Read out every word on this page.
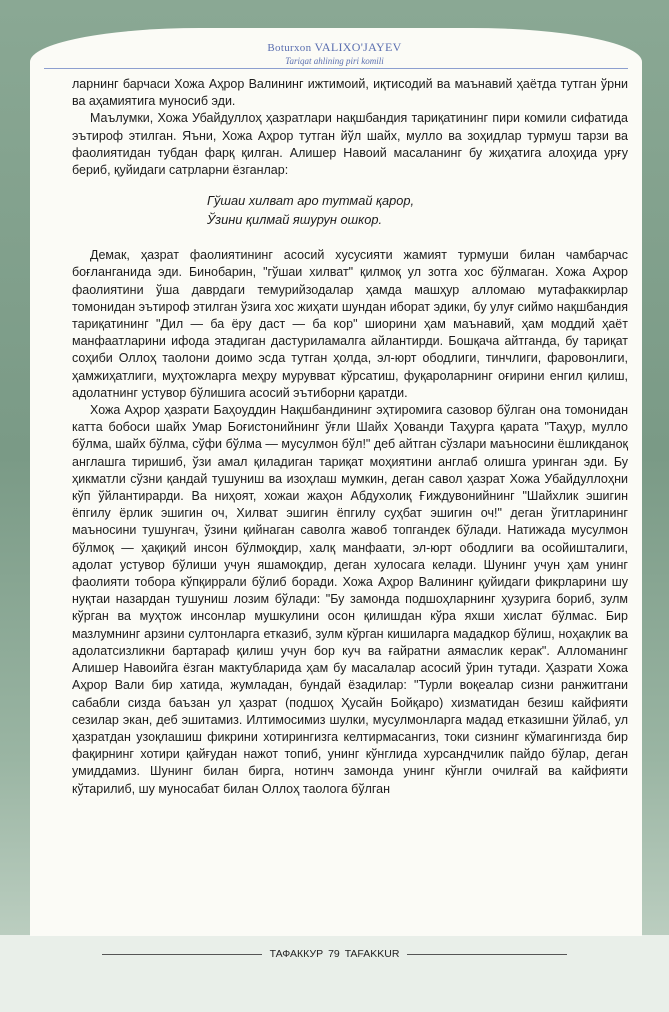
Boturxon VALIXO'JAYEV
Tariqat ahlining piri komili

ларнинг барчаси Хожа Аҳрор Валининг ижтимоий, иқтисодий ва маънавий ҳаётда тутган ўрни ва аҳамиятига муносиб эди.

Маълумки, Хожа Убайдуллоҳ ҳазратлари нақшбандия тариқатининг пири комили сифатида эътироф этилган. Яъни, Хожа Аҳрор тутган йўл шайх, мулло ва зоҳидлар турмуш тарзи ва фаолиятидан тубдан фарқ қилган. Алишер Навоий масаланинг бу жиҳатига алоҳида урғу бериб, қуйидаги сатрларни ёзганлар:

Гўшаи хилват аро тутмай қарор,
Ўзини қилмай яшурун ошкор.

Демак, ҳазрат фаолиятининг асосий хусусияти жамият турмуши билан чамбарчас боғланганида эди. Бинобарин, "гўшаи хилват" қилмоқ ул зотга хос бўлмаган. Хожа Аҳрор фаолиятини ўша даврдаги темурийзодалар ҳамда машҳур алломаю мутафаккирлар томонидан эътироф этилган ўзига хос жиҳати шундан иборат эдики, бу улуғ сиймо нақшбандия тариқатининг "Дил — ба ёру даст — ба кор" шиорини ҳам маънавий, ҳам моддий ҳаёт манфаатларини ифода этадиган дастуриламалга айлантирди. Бошқача айтганда, бу тариқат соҳиби Оллоҳ таолони доимо эсда тутган ҳолда, эл-юрт ободлиги, тинчлиги, фаровонлиги, ҳамжиҳатлиги, муҳтожларга меҳру мурувват кўрсатиш, фуқароларнинг оғирини енгил қилиш, адолатнинг устувор бўлишига асосий эътиборни қаратди.

Хожа Аҳрор ҳазрати Баҳоуддин Нақшбандининг эҳтиромига сазовор бўлган она томонидан катта бобоси шайх Умар Боғистонийнинг ўғли Шайх Ҳованди Таҳурга қарата "Таҳур, мулло бўлма, шайх бўлма, сўфи бўлма — мусулмон бўл!" деб айтган сўзлари маъносини ёшликданоқ англашга тиришиб, ўзи амал қиладиган тариқат моҳиятини англаб олишга уринган эди. Бу ҳикматли сўзни қандай тушуниш ва изоҳлаш мумкин, деган савол ҳазрат Хожа Убайдуллоҳни кўп ўйлантирарди. Ва ниҳоят, хожаи жаҳон Абдухолиқ Ғиждувонийнинг "Шайхлик эшигин ёпгилу ёрлик эшигин оч, Хилват эшигин ёпгилу суҳбат эшигин оч!" деган ўгитларининг маъносини тушунгач, ўзини қийнаган саволга жавоб топгандек бўлади. Натижада мусулмон бўлмоқ — ҳақиқий инсон бўлмоқдир, халқ манфаати, эл-юрт ободлиги ва осойишталиги, адолат устувор бўлиши учун яшамоқдир, деган хулосага келади. Шунинг учун ҳам унинг фаолияти тобора кўпқиррали бўлиб боради. Хожа Аҳрор Валининг қуйидаги фикрларини шу нуқтаи назардан тушуниш лозим бўлади: "Бу замонда подшоҳларнинг ҳузурига бориб, зулм кўрган ва муҳтож инсонлар мушкулини осон қилишдан кўра яхши хислат бўлмас. Бир мазлумнинг арзини султонларга етказиб, зулм кўрган кишиларга мададкор бўлиш, ноҳақлик ва адолатсизликни бартараф қилиш учун бор куч ва ғайратни аямаслик керак". Алломанинг Алишер Навоийга ёзган мактубларида ҳам бу масалалар асосий ўрин тутади. Ҳазрати Хожа Аҳрор Вали бир хатида, жумладан, бундай ёзадилар: "Турли воқеалар сизни ранжитгани сабабли сизда баъзан ул ҳазрат (подшоҳ Ҳусайн Бойқаро) хизматидан безиш кайфияти сезилар экан, деб эшитамиз. Илтимосимиз шулки, мусулмонларга мадад етказишни ўйлаб, ул ҳазратдан узоқлашиш фикрини хотирингизга келтирмасангиз, токи сизнинг кўмагингизда бир фақирнинг хотири қайғудан нажот топиб, унинг кўнглида хурсандчилик пайдо бўлар, деган умиддамиз. Шунинг билан бирга, нотинч замонда унинг кўнгли очилғай ва кайфияти кўтарилиб, шу муносабат билан Оллоҳ таолога бўлган

ТАФАККУР 79 TAFAKKUR
